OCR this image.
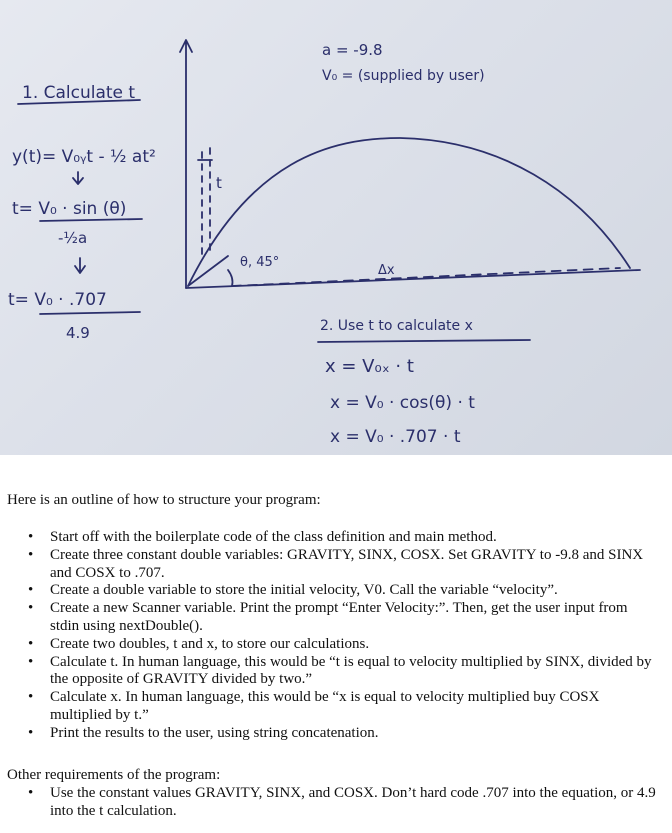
1. Calculate t
y(t)= V₀ᵧt - ½ at²
t= V₀ · sin (θ)
-½a
t= V₀ · .707
4.9
a = -9.8
V₀ = (supplied by user)
θ, 45°
Δx
t
2. Use t to calculate x
x = V₀ₓ · t
x = V₀ · cos(θ) · t
x = V₀ · .707 · t
Here is an outline of how to structure your program:
• Start off with the boilerplate code of the class definition and main method.
• Create three constant double variables: GRAVITY, SINX, COSX. Set GRAVITY to -9.8 and SINX and COSX to .707.
• Create a double variable to store the initial velocity, V0. Call the variable “velocity”.
• Create a new Scanner variable. Print the prompt “Enter Velocity:”. Then, get the user input from stdin using nextDouble().
• Create two doubles, t and x, to store our calculations.
• Calculate t. In human language, this would be “t is equal to velocity multiplied by SINX, divided by the opposite of GRAVITY divided by two.”
• Calculate x. In human language, this would be “x is equal to velocity multiplied buy COSX multiplied by t.”
• Print the results to the user, using string concatenation.
Other requirements of the program:
• Use the constant values GRAVITY, SINX, and COSX. Don’t hard code .707 into the equation, or 4.9 into the t calculation.
